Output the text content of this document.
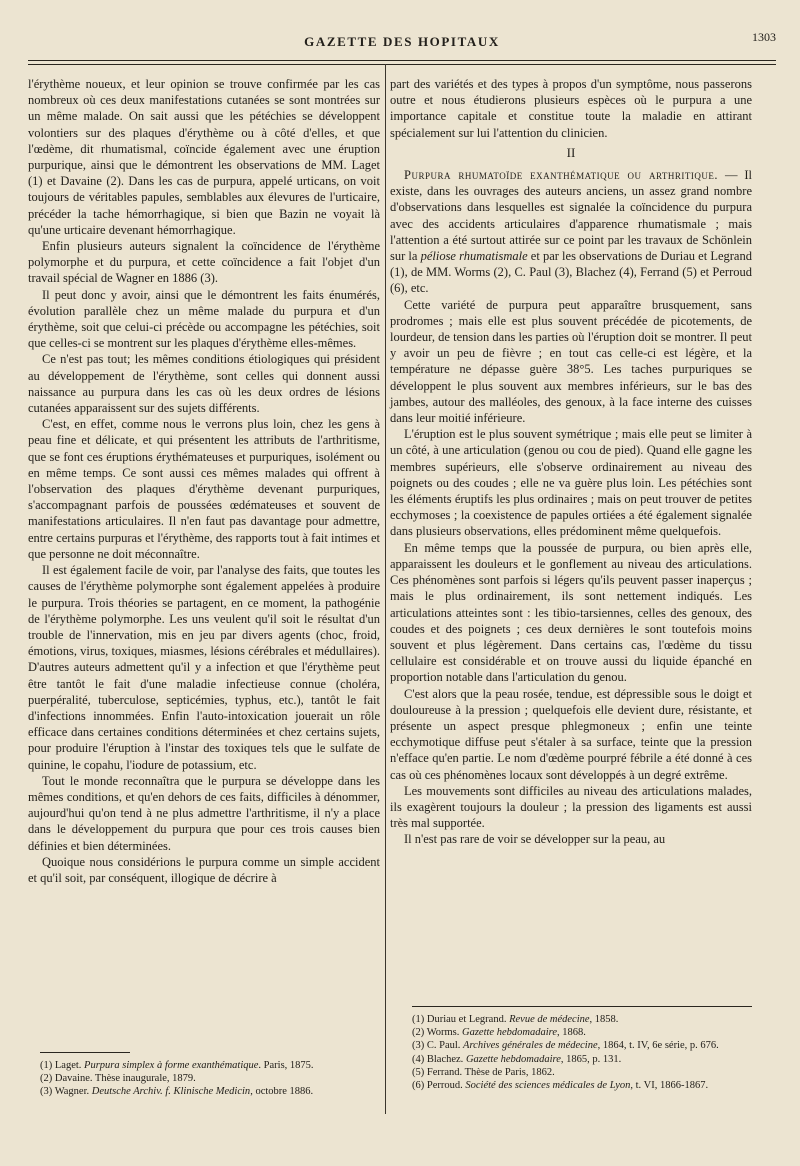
GAZETTE DES HOPITAUX	1303

l'érythème noueux, et leur opinion se trouve confirmée par les cas nombreux où ces deux manifestations cutanées se sont montrées sur un même malade. On sait aussi que les pétéchies se développent volontiers sur des plaques d'érythème ou à côté d'elles, et que l'œdème, dit rhumatismal, coïncide également avec une éruption purpurique, ainsi que le démontrent les observations de MM. Laget (1) et Davaine (2). Dans les cas de purpura, appelé urticans, on voit toujours de véritables papules, semblables aux élevures de l'urticaire, précéder la tache hémorrhagique, si bien que Bazin ne voyait là qu'une urticaire devenant hémorrhagique.

Enfin plusieurs auteurs signalent la coïncidence de l'érythème polymorphe et du purpura, et cette coïncidence a fait l'objet d'un travail spécial de Wagner en 1886 (3).

Il peut donc y avoir, ainsi que le démontrent les faits énumérés, évolution parallèle chez un même malade du purpura et d'un érythème, soit que celui-ci précède ou accompagne les pétéchies, soit que celles-ci se montrent sur les plaques d'érythème elles-mêmes.

Ce n'est pas tout; les mêmes conditions étiologiques qui président au développement de l'érythème, sont celles qui donnent aussi naissance au purpura dans les cas où les deux ordres de lésions cutanées apparaissent sur des sujets différents.

C'est, en effet, comme nous le verrons plus loin, chez les gens à peau fine et délicate, et qui présentent les attributs de l'arthritisme, que se font ces éruptions érythémateuses et purpuriques, isolément ou en même temps. Ce sont aussi ces mêmes malades qui offrent à l'observation des plaques d'érythème devenant purpuriques, s'accompagnant parfois de poussées œdémateuses et souvent de manifestations articulaires. Il n'en faut pas davantage pour admettre, entre certains purpuras et l'érythème, des rapports tout à fait intimes et que personne ne doit méconnaître.

Il est également facile de voir, par l'analyse des faits, que toutes les causes de l'érythème polymorphe sont également appelées à produire le purpura. Trois théories se partagent, en ce moment, la pathogénie de l'érythème polymorphe. Les uns veulent qu'il soit le résultat d'un trouble de l'innervation, mis en jeu par divers agents (choc, froid, émotions, virus, toxiques, miasmes, lésions cérébrales et médullaires). D'autres auteurs admettent qu'il y a infection et que l'érythème peut être tantôt le fait d'une maladie infectieuse connue (choléra, puerpéralité, tuberculose, septicémies, typhus, etc.), tantôt le fait d'infections innommées. Enfin l'auto-intoxication jouerait un rôle efficace dans certaines conditions déterminées et chez certains sujets, pour produire l'éruption à l'instar des toxiques tels que le sulfate de quinine, le copahu, l'iodure de potassium, etc.

Tout le monde reconnaîtra que le purpura se développe dans les mêmes conditions, et qu'en dehors de ces faits, difficiles à dénommer, aujourd'hui qu'on tend à ne plus admettre l'arthritisme, il n'y a place dans le développement du purpura que pour ces trois causes bien définies et bien déterminées.

Quoique nous considérions le purpura comme un simple accident et qu'il soit, par conséquent, illogique de décrire à

(1) Laget. Purpura simplex à forme exanthématique. Paris, 1875.
(2) Davaine. Thèse inaugurale, 1879.
(3) Wagner. Deutsche Archiv. f. Klinische Medicin, octobre 1886.

part des variétés et des types à propos d'un symptôme, nous passerons outre et nous étudierons plusieurs espèces où le purpura a une importance capitale et constitue toute la maladie en attirant spécialement sur lui l'attention du clinicien.

II

Purpura rhumatoïde exanthématique ou arthritique. — Il existe, dans les ouvrages des auteurs anciens, un assez grand nombre d'observations dans lesquelles est signalée la coïncidence du purpura avec des accidents articulaires d'apparence rhumatismale ; mais l'attention a été surtout attirée sur ce point par les travaux de Schönlein sur la péliose rhumatismale et par les observations de Duriau et Legrand (1), de MM. Worms (2), C. Paul (3), Blachez (4), Ferrand (5) et Perroud (6), etc.

Cette variété de purpura peut apparaître brusquement, sans prodromes ; mais elle est plus souvent précédée de picotements, de lourdeur, de tension dans les parties où l'éruption doit se montrer. Il peut y avoir un peu de fièvre ; en tout cas celle-ci est légère, et la température ne dépasse guère 38°5. Les taches purpuriques se développent le plus souvent aux membres inférieurs, sur le bas des jambes, autour des malléoles, des genoux, à la face interne des cuisses dans leur moitié inférieure.

L'éruption est le plus souvent symétrique ; mais elle peut se limiter à un côté, à une articulation (genou ou cou de pied). Quand elle gagne les membres supérieurs, elle s'observe ordinairement au niveau des poignets ou des coudes ; elle ne va guère plus loin. Les pétéchies sont les éléments éruptifs les plus ordinaires ; mais on peut trouver de petites ecchymoses ; la coexistence de papules ortiées a été également signalée dans plusieurs observations, elles prédominent même quelquefois.

En même temps que la poussée de purpura, ou bien après elle, apparaissent les douleurs et le gonflement au niveau des articulations. Ces phénomènes sont parfois si légers qu'ils peuvent passer inaperçus ; mais le plus ordinairement, ils sont nettement indiqués. Les articulations atteintes sont : les tibio-tarsiennes, celles des genoux, des coudes et des poignets ; ces deux dernières le sont toutefois moins souvent et plus légèrement. Dans certains cas, l'œdème du tissu cellulaire est considérable et on trouve aussi du liquide épanché en proportion notable dans l'articulation du genou.

C'est alors que la peau rosée, tendue, est dépressible sous le doigt et douloureuse à la pression ; quelquefois elle devient dure, résistante, et présente un aspect presque phlegmoneux ; enfin une teinte ecchymotique diffuse peut s'étaler à sa surface, teinte que la pression n'efface qu'en partie. Le nom d'œdème pourpré fébrile a été donné à ces cas où ces phénomènes locaux sont développés à un degré extrême.

Les mouvements sont difficiles au niveau des articulations malades, ils exagèrent toujours la douleur ; la pression des ligaments est aussi très mal supportée.

Il n'est pas rare de voir se développer sur la peau, au

(1) Duriau et Legrand. Revue de médecine, 1858.
(2) Worms. Gazette hebdomadaire, 1868.
(3) C. Paul. Archives générales de médecine, 1864, t. IV, 6e série, p. 676.
(4) Blachez. Gazette hebdomadaire, 1865, p. 131.
(5) Ferrand. Thèse de Paris, 1862.
(6) Perroud. Société des sciences médicales de Lyon, t. VI, 1866-1867.
